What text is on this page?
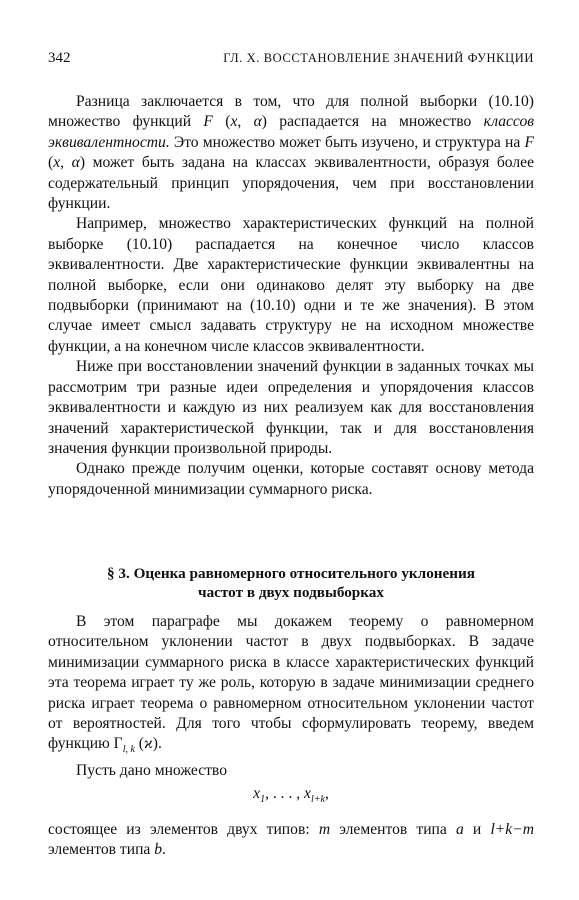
342	ГЛ. X. ВОССТАНОВЛЕНИЕ ЗНАЧЕНИЙ ФУНКЦИИ

Разница заключается в том, что для полной выборки (10.10) множество функций F (x, α) распадается на множество классов эквивалентности. Это множество может быть изучено, и структура на F (x, α) может быть задана на классах эквивалентности, образуя более содержательный принцип упорядочения, чем при восстановлении функции.

Например, множество характеристических функций на полной выборке (10.10) распадается на конечное число классов эквивалентности. Две характеристические функции эквивалентны на полной выборке, если они одинаково делят эту выборку на две подвыборки (принимают на (10.10) одни и те же значения). В этом случае имеет смысл задавать структуру не на исходном множестве функции, а на конечном числе классов эквивалентности.

Ниже при восстановлении значений функции в заданных точках мы рассмотрим три разные идеи определения и упорядочения классов эквивалентности и каждую из них реализуем как для восстановления значений характеристической функции, так и для восстановления значения функции произвольной природы.

Однако прежде получим оценки, которые составят основу метода упорядоченной минимизации суммарного риска.

§ 3. Оценка равномерного относительного уклонения
частот в двух подвыборках

В этом параграфе мы докажем теорему о равномерном относительном уклонении частот в двух подвыборках. В задаче минимизации суммарного риска в классе характеристических функций эта теорема играет ту же роль, которую в задаче минимизации среднего риска играет теорема о равномерном относительном уклонении частот от вероятностей. Для того чтобы сформулировать теорему, введем функцию $\Gamma_{l, k}$ (ϰ).

Пусть дано множество

$x_1$, . . . , $x_{l+k}$,

состоящее из элементов двух типов: m элементов типа a и l+k−m элементов типа b.
